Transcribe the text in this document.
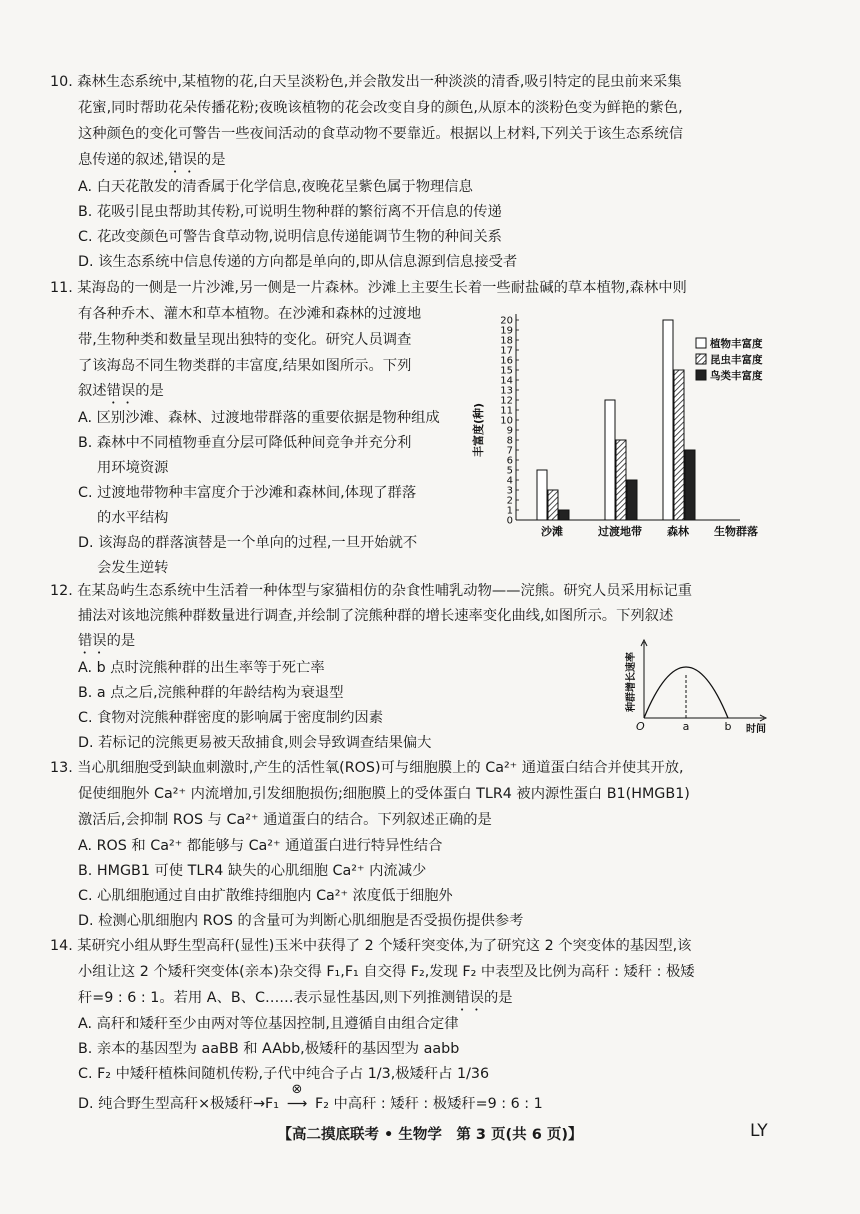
10. 森林生态系统中,某植物的花,白天呈淡粉色,并会散发出一种淡淡的清香,吸引特定的昆虫前来采集
花蜜,同时帮助花朵传播花粉;夜晚该植物的花会改变自身的颜色,从原本的淡粉色变为鲜艳的紫色,
这种颜色的变化可警告一些夜间活动的食草动物不要靠近。根据以上材料,下列关于该生态系统信
息传递的叙述,错误的是
A. 白天花散发的清香属于化学信息,夜晚花呈紫色属于物理信息
B. 花吸引昆虫帮助其传粉,可说明生物种群的繁衍离不开信息的传递
C. 花改变颜色可警告食草动物,说明信息传递能调节生物的种间关系
D. 该生态系统中信息传递的方向都是单向的,即从信息源到信息接受者
11. 某海岛的一侧是一片沙滩,另一侧是一片森林。沙滩上主要生长着一些耐盐碱的草本植物,森林中则
有各种乔木、灌木和草本植物。在沙滩和森林的过渡地
带,生物种类和数量呈现出独特的变化。研究人员调查
了该海岛不同生物类群的丰富度,结果如图所示。下列
叙述错误的是
A. 区别沙滩、森林、过渡地带群落的重要依据是物种组成
B. 森林中不同植物垂直分层可降低种间竞争并充分利
用环境资源
C. 过渡地带物种丰富度介于沙滩和森林间,体现了群落
的水平结构
D. 该海岛的群落演替是一个单向的过程,一旦开始就不
会发生逆转
0
1
2
3
4
5
6
7
8
9
10
11
12
13
14
15
16
17
18
19
20
丰富度(种)
沙滩	过渡地带 森林 生物群落
植物丰富度
昆虫丰富度
鸟类丰富度
12. 在某岛屿生态系统中生活着一种体型与家猫相仿的杂食性哺乳动物——浣熊。研究人员采用标记重
捕法对该地浣熊种群数量进行调查,并绘制了浣熊种群的增长速率变化曲线,如图所示。下列叙述
错误的是
A. b 点时浣熊种群的出生率等于死亡率
B. a 点之后,浣熊种群的年龄结构为衰退型
C. 食物对浣熊种群密度的影响属于密度制约因素
D. 若标记的浣熊更易被天敌捕食,则会导致调查结果偏大
O	a	b 时间
种群增长速率
13. 当心肌细胞受到缺血刺激时,产生的活性氧(ROS)可与细胞膜上的 Ca²⁺ 通道蛋白结合并使其开放,
促使细胞外 Ca²⁺ 内流增加,引发细胞损伤;细胞膜上的受体蛋白 TLR4 被内源性蛋白 B1(HMGB1)
激活后,会抑制 ROS 与 Ca²⁺ 通道蛋白的结合。下列叙述正确的是
A. ROS 和 Ca²⁺ 都能够与 Ca²⁺ 通道蛋白进行特异性结合
B. HMGB1 可使 TLR4 缺失的心肌细胞 Ca²⁺ 内流减少
C. 心肌细胞通过自由扩散维持细胞内 Ca²⁺ 浓度低于细胞外
D. 检测心肌细胞内 ROS 的含量可为判断心肌细胞是否受损伤提供参考
14. 某研究小组从野生型高秆(显性)玉米中获得了 2 个矮秆突变体,为了研究这 2 个突变体的基因型,该
小组让这 2 个矮秆突变体(亲本)杂交得 F₁,F₁ 自交得 F₂,发现 F₂ 中表型及比例为高秆 : 矮秆 : 极矮
秆=9 : 6 : 1。若用 A、B、C……表示显性基因,则下列推测错误的是
A. 高秆和矮秆至少由两对等位基因控制,且遵循自由组合定律
B. 亲本的基因型为 aaBB 和 AAbb,极矮秆的基因型为 aabb
C. F₂ 中矮秆植株间随机传粉,子代中纯合子占 1/3,极矮秆占 1/36
D. 纯合野生型高秆×极矮秆→F₁
⊗
⟶ F₂ 中高秆 : 矮秆 : 极矮秆=9 : 6 : 1
【高二摸底联考 • 生物学　第 3 页(共 6 页)】	LY
